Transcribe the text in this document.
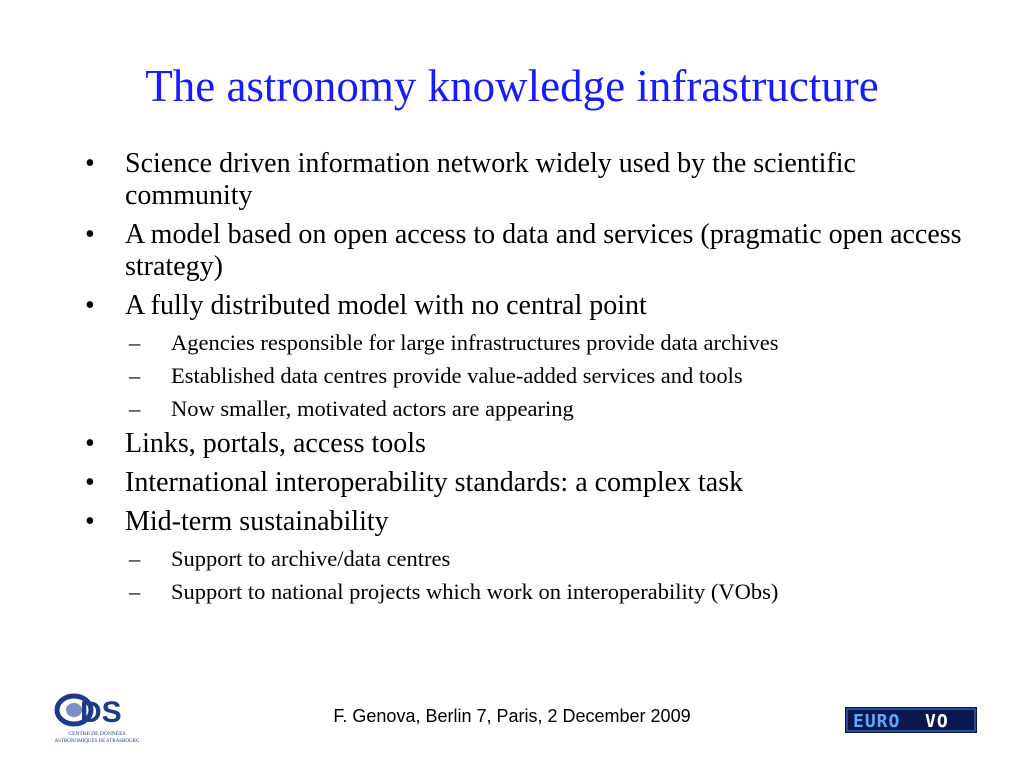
The astronomy knowledge infrastructure
• Science driven information network widely used by the scientific community
• A model based on open access to data and services (pragmatic open access strategy)
• A fully distributed model with no central point
– Agencies responsible for large infrastructures provide data archives
– Established data centres provide value-added services and tools
– Now smaller, motivated actors are appearing
• Links, portals, access tools
• International interoperability standards: a complex task
• Mid-term sustainability
– Support to archive/data centres
– Support to national projects which work on interoperability (VObs)
DS
CENTRE DE DONNÉES
ASTRONOMIQUES DE STRASBOURG
F. Genova, Berlin 7, Paris, 2 December 2009	EURO VO
